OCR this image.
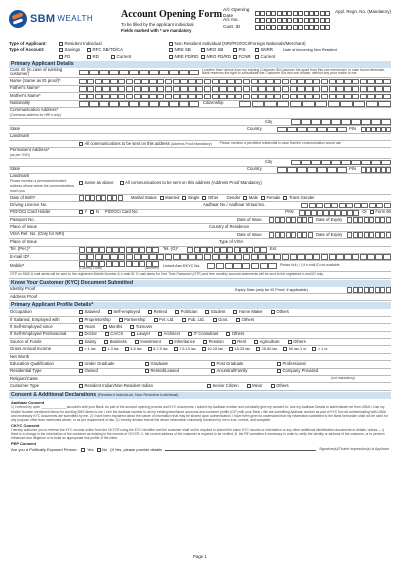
SBM WEALTH	Account Opening Form
To be filled by the applicant individual
Fields marked with * are mandatory
A/c Opening Date
A/c No.
Cust. ID
Appl. Regn. No. (Mandatory)
Type of Applicant:	Resident Individual	Non Resident Individual (NRI/PIO/OCI/Foreign Nationals/Merchant)
Type of Account:	Savings	RFC SB/TD/CA	NRE SB	NRO SB	PIS	SNRR	Date of becoming Non Resident
FD	RD	Current	NRE FD/RD	NRO FD/RD	FCNR	Current
Primary Applicant Details
Cust. ID (in case of existing customer)
I confirm that I derive from my existing Customer ID/Customer Ids apart from this one mentioned. In case found otherwise, Bank reserves the right to consolidate the Customer IDs into one double, without any prior notice to me.
Name (Same as ID proof)*
Father's Name*
Mother's Name*
Nationality	Citizenship
Communication Address*
(Overseas address for NRI's only)
City
State	Country	PIN
Landmark
All communications to be sent on this address (Address Proof Mandatory) Please mention a permitted residential in case that the communication would use
Permanent Address*
(as per OVD)
City
State	Country	PIN
Landmark
Please mention a permanent/resident address whose where the communications reach you
Same as above	All communications to be sent on this address (Address Proof Mandatory)
Date of Birth*	Marital Status	Married	Single	Other Gender	Male	Female	Trans Gender
Driving Licence No.	Aadhaar No / Aadhaar Virtual No.
PIO/OCI Card Holder	Y	N PIO/OCI Card No.	PAN	Or	Form 60
Passport No.	Date of Issue	Date of Expiry
Place of Issue	Country of Residence
VISA Ref. No. (Only for NRI)	Date of Issue	Date of Expiry
Place of Issue	Type of VISA
Tel. (Per.)*	Tel. (O)*	Ext.
E-mail ID*
Mobile*
(Country Code)	(Number)
Linked Aan EKYC No.	Please tick ( / ) if e-mail ID not available
OTP on SMS & mail alerts will be sent to the registered Mobile Number & e-mail ID. E-mail alerts for One Time Password (OTP) and free monthly account statements will be sent to the registered e-mail ID only.
Know Your Customer (KYC) Document Submitted
Identity Proof	Expiry Date (only for ID Proof, if applicable)
Address Proof
Primary Applicant Profile Details*
Occupation	Salaried	Self-employed	Retired	Politician	Student	Home Maker	Others
If Salaried, Employed with	Proprietorship	Partnership	Pvt. Ltd.	Pub. Ltd.	Govt.	Others
If Self-Employed since	Years	Months	Turnover
If Self-Employed Professional	Doctor	CA/CS	Lawyer	Architect	IT Consultant	Others
Source of Funds	Salary	Business	Investment	Inheritance	Pension	Rent	Agriculture	Others
Gross Annual Income	< 1 lac	1-3 lac	3-5 lac	5-7.5 lac	7.5-10 lac	10-15 lac	15-25 lac	25-50 lac	50 lac-1 cr	> 1 cr
Net Worth
Education Qualification	Under Graduate	Graduate	Post Graduate	Professional
Residential Type	Owned	Rented/Leased	Ancestral/Family	Company Provided
Religion/Caste	(not mandatory)
Customer Type	Resident Indian/Non-Resident Indian	Senior Citizen	Minor	Others
Consent & Additional Declarations (Resident Individual, Non Resident Individual)
Aadhaar Consent
1) I extend my open ______________account/s with your Bank. As part of the account opening process and KYC documents, I submit my Aadhaar number and voluntarily give my consent to: Use my Aadhaar Details to authenticate me from UIDAI • Use my Mobile Number mentioned below for sending SMS Alerts to me • Link the Aadhaar number to all my existing/new/future accounts and customer profile (CIF) with your Bank • We are submitting Aadhaar number as part of KYC but not authenticating with UIDAI and necessary KYC documents are submitted by me. 2) I have been explained about the nature of information that may be shared upon authentication. I have been given to understand that my information submitted to the Bank hereunder shall not be used for any purpose other than mentioned above, or as per requirement of law. 3) I hereby declare that all the above information voluntarily furnished by me is true, correct, and complete.
CKYC Consent
I hereby authorize you to retrieve the KYC records online from the CKYCR using the KYC Identifier and the customer shall not be required to submit the same KYC records or information or any other additional identification documents or details, unless — i) there is a change in the information of the customer as existing in the records of CKYCR, ii. the current address of the customer is required to be verified, iii. the RE considers it necessary in order to verify the identity or address of the customer, or to perform enhanced due diligence or to build an appropriate risk profile of the client.
PEP Consent
Are you a Politically Exposed Person:	Yes	No (If Yes, please provide details	Signature(s)/Thumb impression(s) of Applicant
Page 1
